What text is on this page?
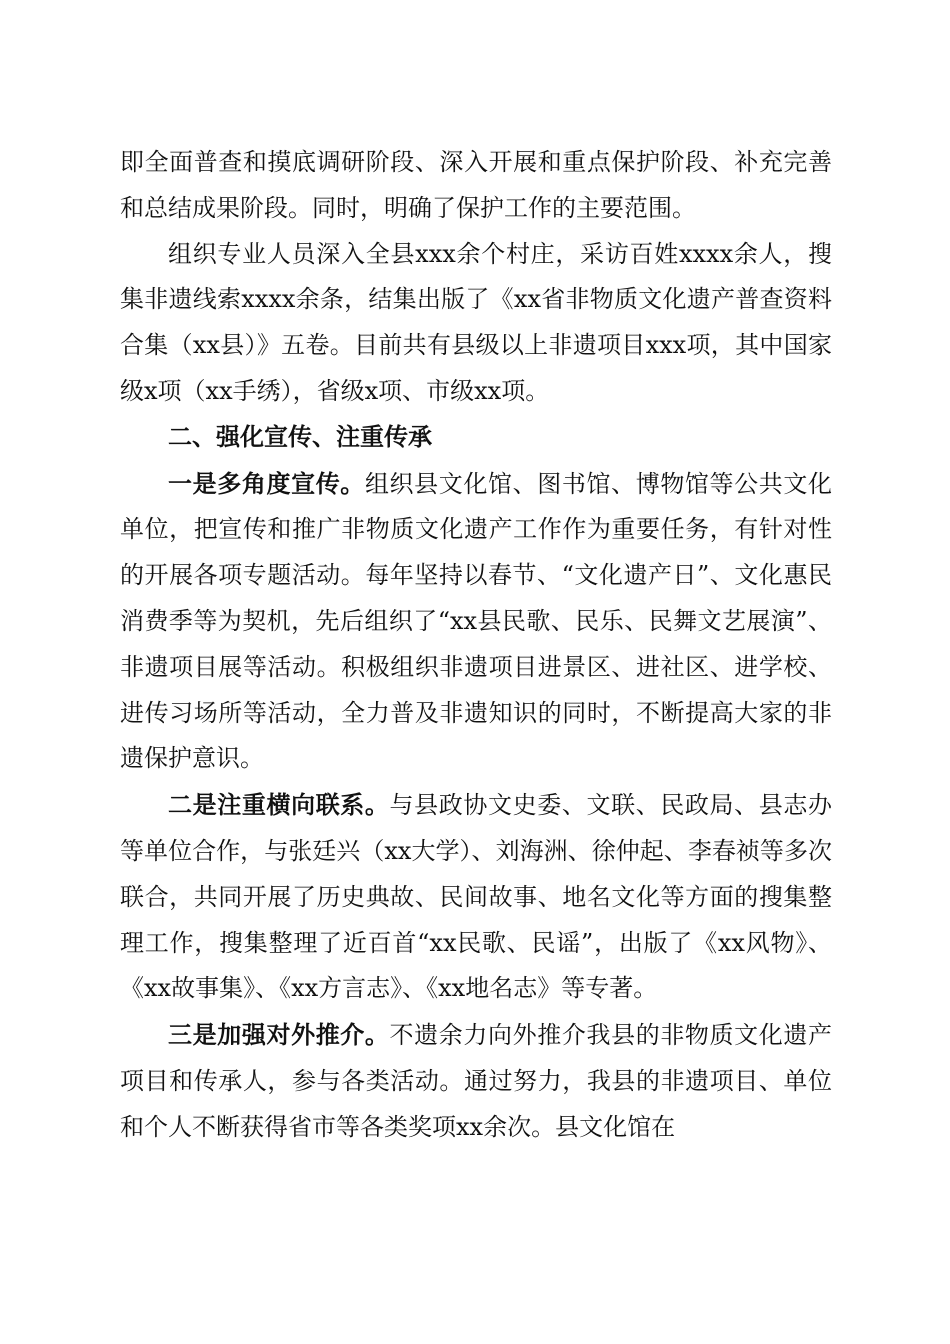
即全面普查和摸底调研阶段、深入开展和重点保护阶段、补充完善和总结成果阶段。同时，明确了保护工作的主要范围。

组织专业人员深入全县xxx余个村庄，采访百姓xxxx余人，搜集非遗线索xxxx余条，结集出版了《xx省非物质文化遗产普查资料合集（xx县）》五卷。目前共有县级以上非遗项目xxx项，其中国家级x项（xx手绣），省级x项、市级xx项。

二、强化宣传、注重传承

一是多角度宣传。组织县文化馆、图书馆、博物馆等公共文化单位，把宣传和推广非物质文化遗产工作作为重要任务，有针对性的开展各项专题活动。每年坚持以春节、“文化遗产日”、文化惠民消费季等为契机，先后组织了“xx县民歌、民乐、民舞文艺展演”、非遗项目展等活动。积极组织非遗项目进景区、进社区、进学校、进传习场所等活动，全力普及非遗知识的同时，不断提高大家的非遗保护意识。

二是注重横向联系。与县政协文史委、文联、民政局、县志办等单位合作，与张廷兴（xx大学）、刘海洲、徐仲起、李春祯等多次联合，共同开展了历史典故、民间故事、地名文化等方面的搜集整理工作，搜集整理了近百首“xx民歌、民谣”，出版了《xx风物》、《xx故事集》、《xx方言志》、《xx地名志》等专著。

三是加强对外推介。不遗余力向外推介我县的非物质文化遗产项目和传承人，参与各类活动。通过努力，我县的非遗项目、单位和个人不断获得省市等各类奖项xx余次。县文化馆在
